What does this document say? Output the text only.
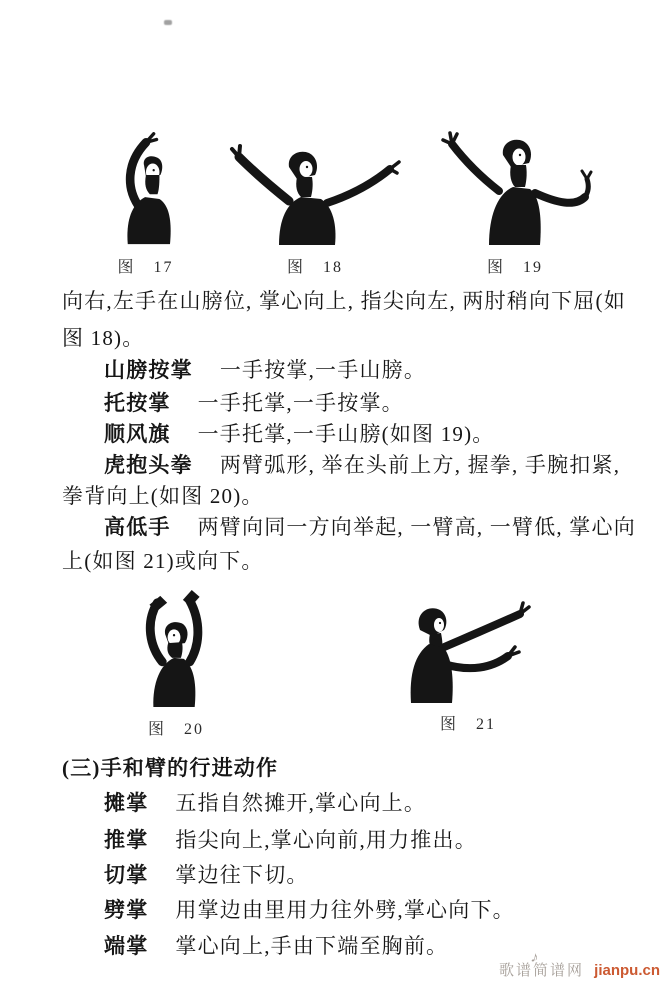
图　17	图　18	图　19
向右,左手在山膀位, 掌心向上, 指尖向左, 两肘稍向下屈(如
图 18)。
山膀按掌 一手按掌,一手山膀。
托按掌 一手托掌,一手按掌。
顺风旗 一手托掌,一手山膀(如图 19)。
虎抱头拳 两臂弧形, 举在头前上方, 握拳, 手腕扣紧,
拳背向上(如图 20)。
高低手 两臂向同一方向举起, 一臂高, 一臂低, 掌心向
上(如图 21)或向下。
图　20	图　21
(三)手和臂的行进动作
摊掌 五指自然摊开,掌心向上。
推掌 指尖向上,掌心向前,用力推出。
切掌 掌边往下切。
劈掌 用掌边由里用力往外劈,掌心向下。
端掌 掌心向上,手由下端至胸前。	♪
歌谱简谱网 jianpu.cn
